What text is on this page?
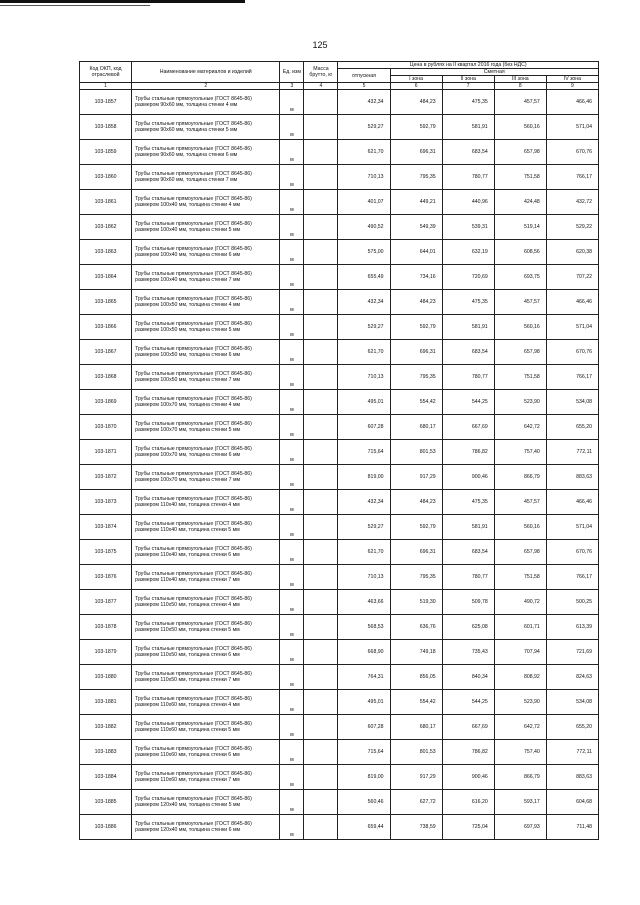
125
Код ОКП, код отраслевой	Наименование материалов и изделий	Ед. изм	Масса брутто, кг	Цена в рублях на II квартал 2016 года (без НДС)				
				отпускная	Сметная			
					I зона	II зона	III зона	IV зона
1	2	3	4	5	6	7	8	9
103-1857	Трубы стальные прямоугольные (ГОСТ 8645-86)
размером 90х60 мм, толщина стенки 4 мм	м		432,34	484,23	475,35	457,57	466,46
103-1858	Трубы стальные прямоугольные (ГОСТ 8645-86)
размером 90х60 мм, толщина стенки 5 мм	м		529,27	592,79	581,91	560,16	571,04
103-1859	Трубы стальные прямоугольные (ГОСТ 8645-86)
размером 90х60 мм, толщина стенки 6 мм	м		621,70	696,31	683,54	657,98	670,76
103-1860	Трубы стальные прямоугольные (ГОСТ 8645-86)
размером 90х60 мм, толщина стенки 7 мм	м		710,13	795,35	780,77	751,58	766,17
103-1861	Трубы стальные прямоугольные (ГОСТ 8645-86)
размером 100х40 мм, толщина стенки 4 мм	м		401,07	449,21	440,96	424,48	432,72
103-1862	Трубы стальные прямоугольные (ГОСТ 8645-86)
размером 100х40 мм, толщина стенки 5 мм	м		490,52	549,39	539,31	519,14	529,22
103-1863	Трубы стальные прямоугольные (ГОСТ 8645-86)
размером 100х40 мм, толщина стенки 6 мм	м		575,00	644,01	632,19	608,56	620,38
103-1864	Трубы стальные прямоугольные (ГОСТ 8645-86)
размером 100х40 мм, толщина стенки 7 мм	м		655,49	734,16	720,69	693,75	707,22
103-1865	Трубы стальные прямоугольные (ГОСТ 8645-86)
размером 100х50 мм, толщина стенки 4 мм	м		432,34	484,23	475,35	457,57	466,46
103-1866	Трубы стальные прямоугольные (ГОСТ 8645-86)
размером 100х50 мм, толщина стенки 5 мм	м		529,27	592,79	581,91	560,16	571,04
103-1867	Трубы стальные прямоугольные (ГОСТ 8645-86)
размером 100х50 мм, толщина стенки 6 мм	м		621,70	696,31	683,54	657,98	670,76
103-1868	Трубы стальные прямоугольные (ГОСТ 8645-86)
размером 100х50 мм, толщина стенки 7 мм	м		710,13	795,35	780,77	751,58	766,17
103-1869	Трубы стальные прямоугольные (ГОСТ 8645-86)
размером 100х70 мм, толщина стенки 4 мм	м		495,01	554,42	544,25	523,90	534,08
103-1870	Трубы стальные прямоугольные (ГОСТ 8645-86)
размером 100х70 мм, толщина стенки 5 мм	м		607,28	680,17	667,69	642,72	655,20
103-1871	Трубы стальные прямоугольные (ГОСТ 8645-86)
размером 100х70 мм, толщина стенки 6 мм	м		715,64	801,53	786,82	757,40	772,11
103-1872	Трубы стальные прямоугольные (ГОСТ 8645-86)
размером 100х70 мм, толщина стенки 7 мм	м		819,00	917,29	900,46	866,79	883,63
103-1873	Трубы стальные прямоугольные (ГОСТ 8645-86)
размером 110х40 мм, толщина стенки 4 мм	м		432,34	484,23	475,35	457,57	466,46
103-1874	Трубы стальные прямоугольные (ГОСТ 8645-86)
размером 110х40 мм, толщина стенки 5 мм	м		529,27	592,79	581,91	560,16	571,04
103-1875	Трубы стальные прямоугольные (ГОСТ 8645-86)
размером 110х40 мм, толщина стенки 6 мм	м		621,70	696,31	683,54	657,98	670,76
103-1876	Трубы стальные прямоугольные (ГОСТ 8645-86)
размером 110х40 мм, толщина стенки 7 мм	м		710,13	795,35	780,77	751,58	766,17
103-1877	Трубы стальные прямоугольные (ГОСТ 8645-86)
размером 110х50 мм, толщина стенки 4 мм	м		463,66	519,30	509,78	490,72	500,25
103-1878	Трубы стальные прямоугольные (ГОСТ 8645-86)
размером 110х50 мм, толщина стенки 5 мм	м		568,53	636,76	625,08	601,71	613,39
103-1879	Трубы стальные прямоугольные (ГОСТ 8645-86)
размером 110х50 мм, толщина стенки 6 мм	м		668,90	749,18	735,43	707,94	721,69
103-1880	Трубы стальные прямоугольные (ГОСТ 8645-86)
размером 110х50 мм, толщина стенки 7 мм	м		764,31	856,05	840,34	808,92	824,63
103-1881	Трубы стальные прямоугольные (ГОСТ 8645-86)
размером 110х60 мм, толщина стенки 4 мм	м		495,01	554,42	544,25	523,90	534,08
103-1882	Трубы стальные прямоугольные (ГОСТ 8645-86)
размером 110х60 мм, толщина стенки 5 мм	м		607,28	680,17	667,69	642,72	655,20
103-1883	Трубы стальные прямоугольные (ГОСТ 8645-86)
размером 110х60 мм, толщина стенки 6 мм	м		715,64	801,53	786,82	757,40	772,11
103-1884	Трубы стальные прямоугольные (ГОСТ 8645-86)
размером 110х60 мм, толщина стенки 7 мм	м		819,00	917,29	900,46	866,79	883,63
103-1885	Трубы стальные прямоугольные (ГОСТ 8645-86)
размером 120х40 мм, толщина стенки 5 мм	м		560,46	627,72	616,20	593,17	604,68
103-1886	Трубы стальные прямоугольные (ГОСТ 8645-86)
размером 120х40 мм, толщина стенки 6 мм	м		659,44	738,59	725,04	697,93	711,48
